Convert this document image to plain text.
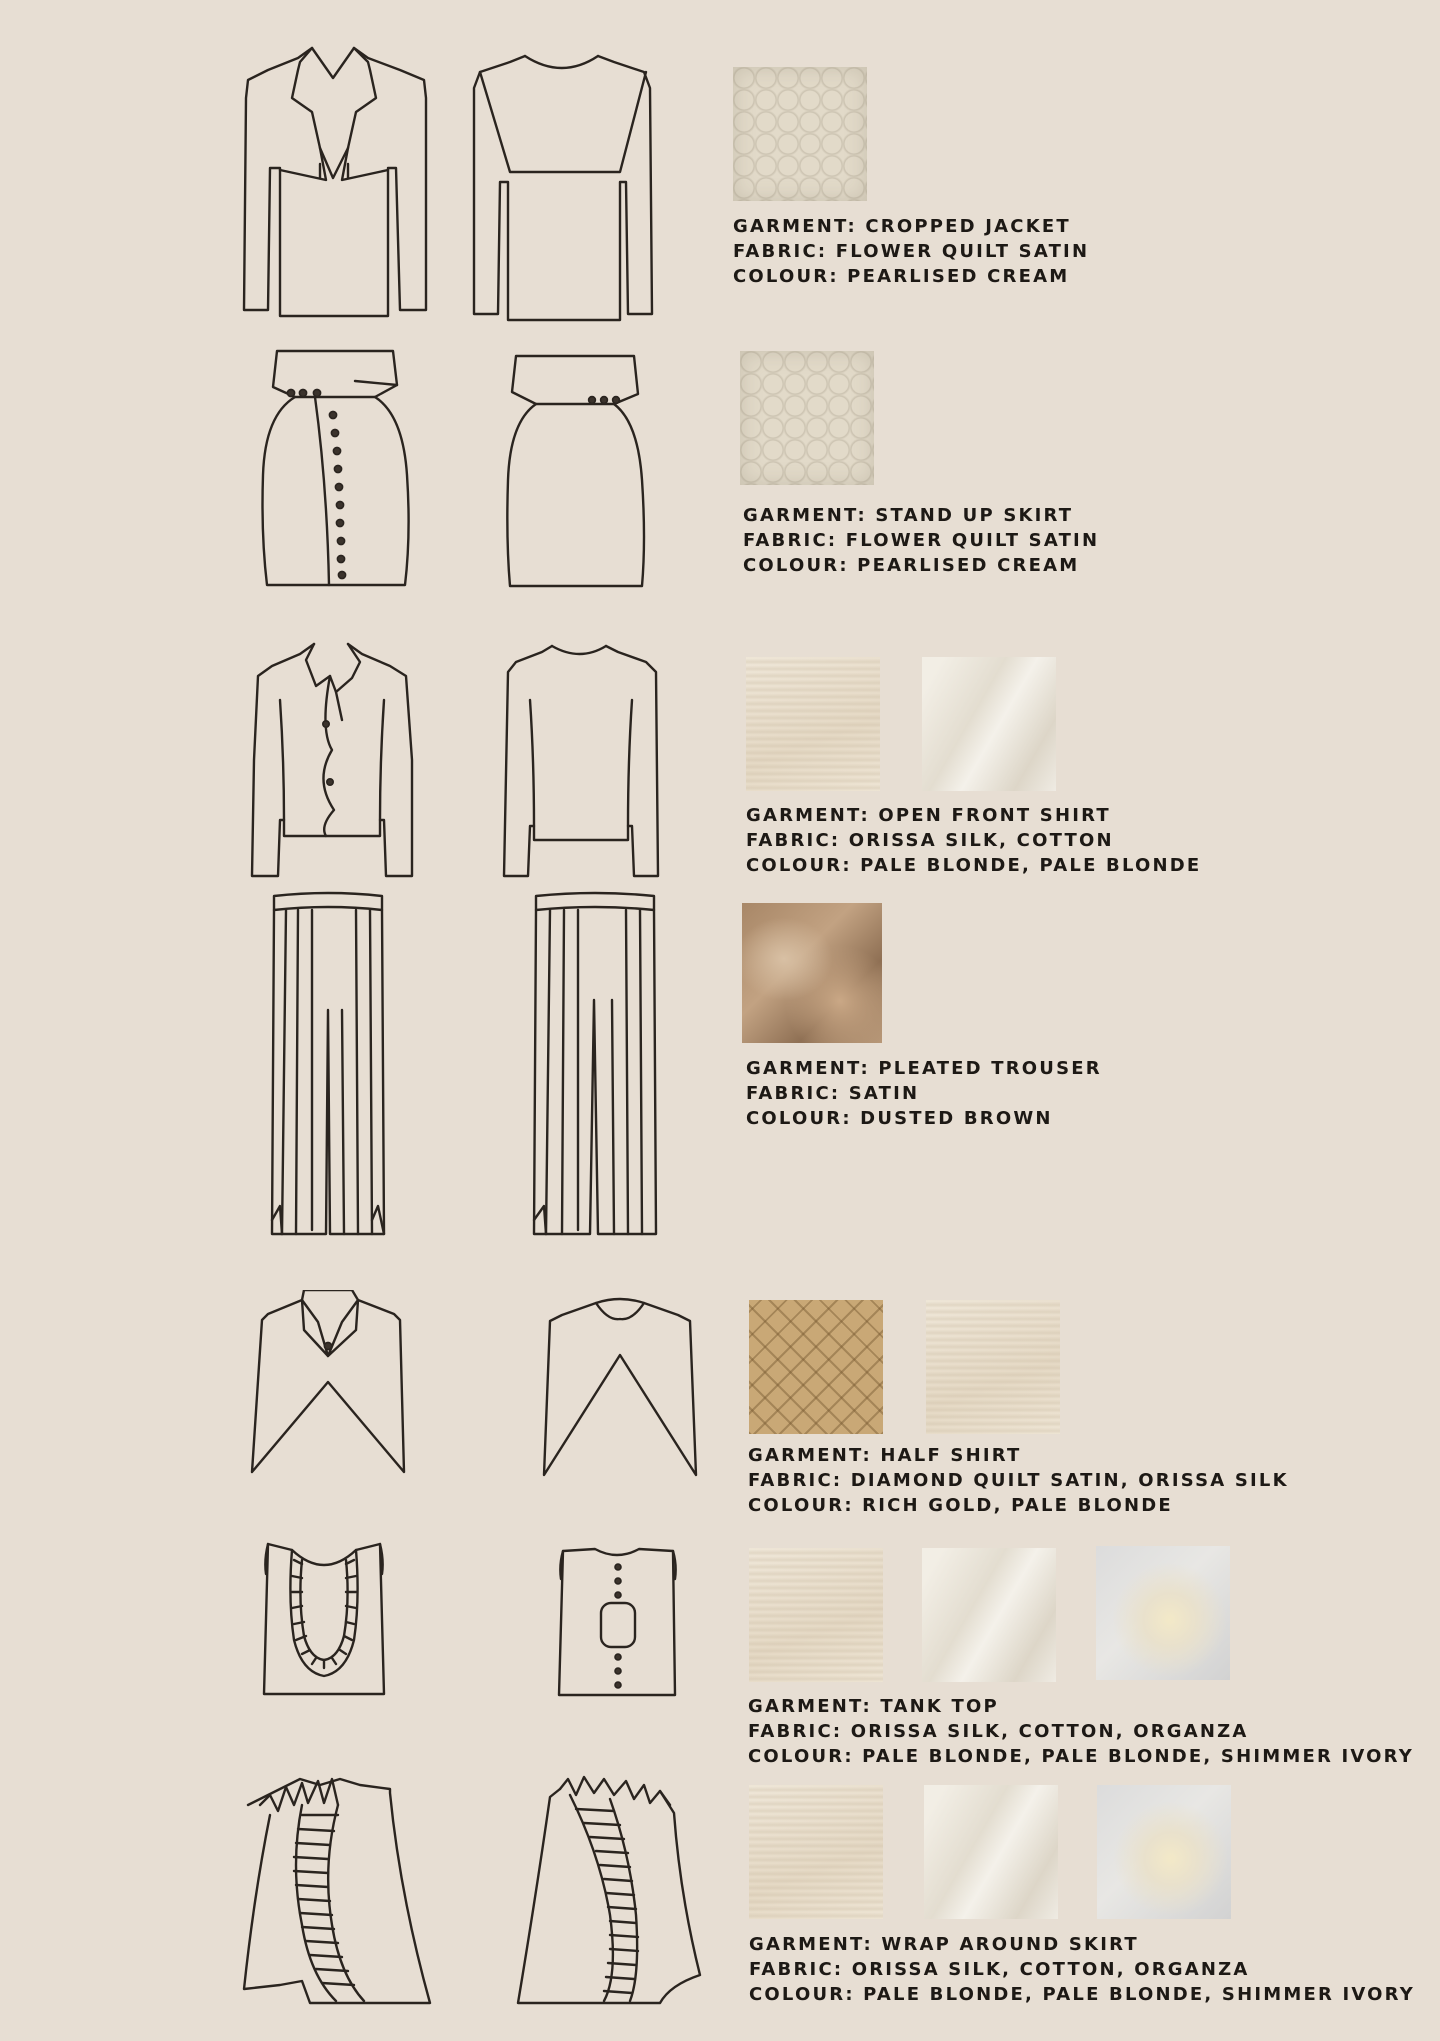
GARMENT: CROPPED JACKET
FABRIC: FLOWER QUILT SATIN
COLOUR: PEARLISED CREAM
GARMENT: STAND UP SKIRT
FABRIC: FLOWER QUILT SATIN
COLOUR: PEARLISED CREAM
GARMENT: OPEN FRONT SHIRT
FABRIC: ORISSA SILK, COTTON
COLOUR: PALE BLONDE, PALE BLONDE
GARMENT: PLEATED TROUSER
FABRIC: SATIN
COLOUR: DUSTED BROWN
GARMENT: HALF SHIRT
FABRIC: DIAMOND QUILT SATIN, ORISSA SILK
COLOUR: RICH GOLD, PALE BLONDE
GARMENT: TANK TOP
FABRIC: ORISSA SILK, COTTON, ORGANZA
COLOUR: PALE BLONDE, PALE BLONDE, SHIMMER IVORY
GARMENT: WRAP AROUND SKIRT
FABRIC: ORISSA SILK, COTTON, ORGANZA
COLOUR: PALE BLONDE, PALE BLONDE, SHIMMER IVORY
